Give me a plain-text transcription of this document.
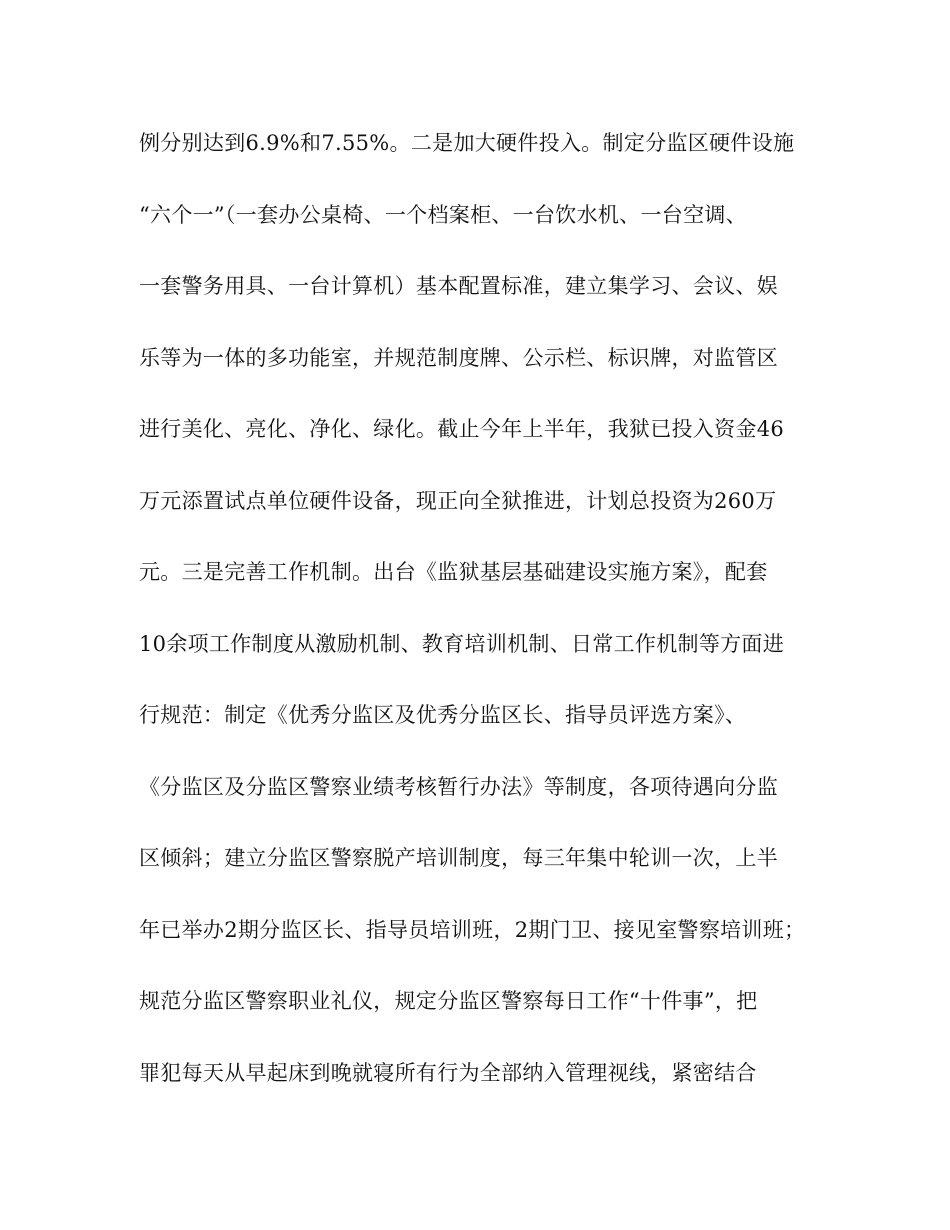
例分别达到6.9%和7.55%。二是加大硬件投入。制定分监区硬件设施
“六个一”（一套办公桌椅、一个档案柜、一台饮水机、一台空调、
一套警务用具、一台计算机）基本配置标准，建立集学习、会议、娱
乐等为一体的多功能室，并规范制度牌、公示栏、标识牌，对监管区
进行美化、亮化、净化、绿化。截止今年上半年，我狱已投入资金46
万元添置试点单位硬件设备，现正向全狱推进，计划总投资为260万
元。三是完善工作机制。出台《监狱基层基础建设实施方案》，配套
10余项工作制度从激励机制、教育培训机制、日常工作机制等方面进
行规范：制定《优秀分监区及优秀分监区长、指导员评选方案》、
《分监区及分监区警察业绩考核暂行办法》等制度，各项待遇向分监
区倾斜；建立分监区警察脱产培训制度，每三年集中轮训一次，上半
年已举办2期分监区长、指导员培训班，2期门卫、接见室警察培训班；
规范分监区警察职业礼仪，规定分监区警察每日工作“十件事”，把
罪犯每天从早起床到晚就寝所有行为全部纳入管理视线，紧密结合
